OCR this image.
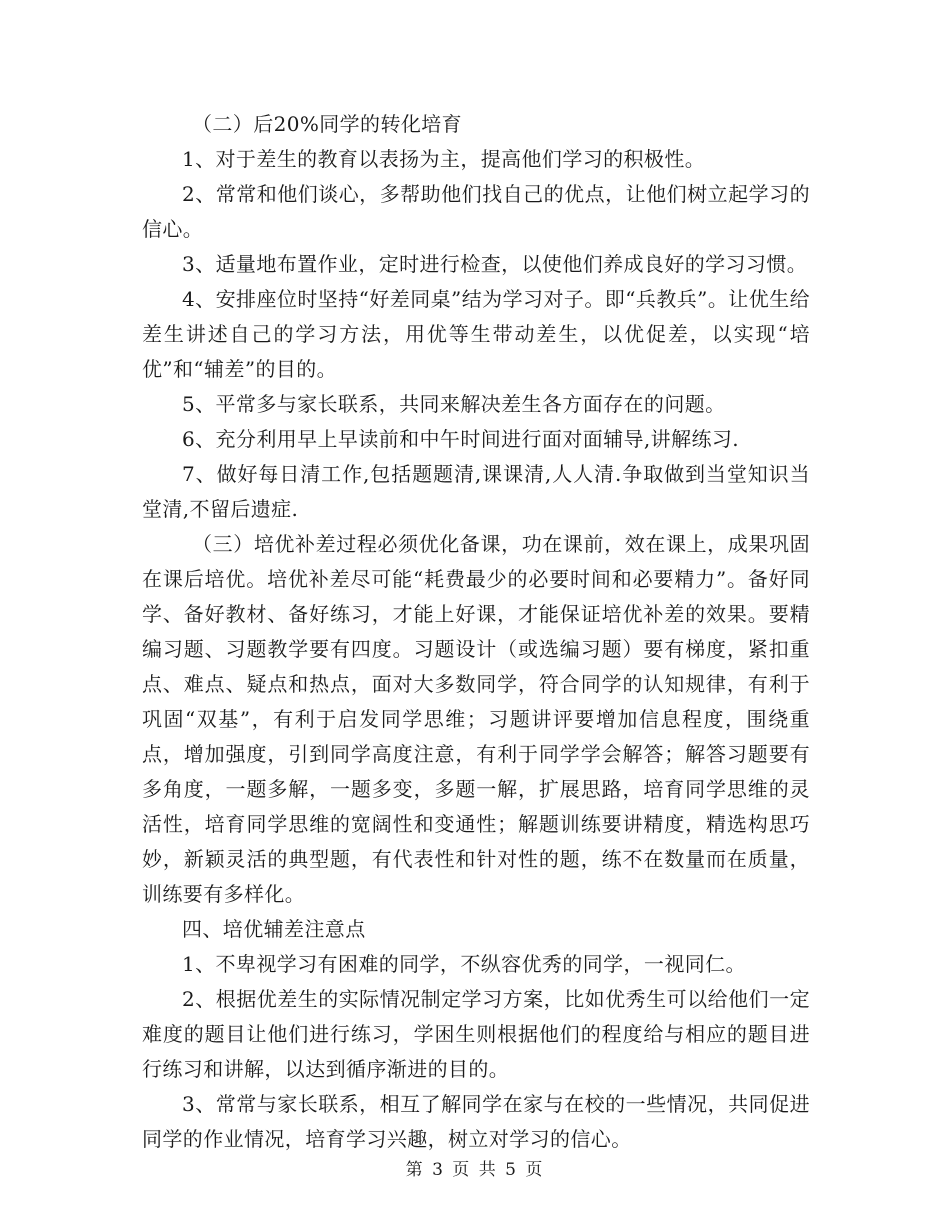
（二）后20%同学的转化培育

1、对于差生的教育以表扬为主，提高他们学习的积极性。

2、常常和他们谈心，多帮助他们找自己的优点，让他们树立起学习的信心。

3、适量地布置作业，定时进行检查，以使他们养成良好的学习习惯。

4、安排座位时坚持“好差同桌”结为学习对子。即“兵教兵”。让优生给差生讲述自己的学习方法，用优等生带动差生，以优促差，以实现“培优”和“辅差”的目的。

5、平常多与家长联系，共同来解决差生各方面存在的问题。

6、充分利用早上早读前和中午时间进行面对面辅导,讲解练习.

7、做好每日清工作,包括题题清,课课清,人人清.争取做到当堂知识当堂清,不留后遗症.

（三）培优补差过程必须优化备课，功在课前，效在课上，成果巩固在课后培优。培优补差尽可能“耗费最少的必要时间和必要精力”。备好同学、备好教材、备好练习，才能上好课，才能保证培优补差的效果。要精编习题、习题教学要有四度。习题设计（或选编习题）要有梯度，紧扣重点、难点、疑点和热点，面对大多数同学，符合同学的认知规律，有利于巩固“双基”，有利于启发同学思维；习题讲评要增加信息程度，围绕重点，增加强度，引到同学高度注意，有利于同学学会解答；解答习题要有多角度，一题多解，一题多变，多题一解，扩展思路，培育同学思维的灵活性，培育同学思维的宽阔性和变通性；解题训练要讲精度，精选构思巧妙，新颖灵活的典型题，有代表性和针对性的题，练不在数量而在质量，训练要有多样化。

四、培优辅差注意点

1、不卑视学习有困难的同学，不纵容优秀的同学，一视同仁。

2、根据优差生的实际情况制定学习方案，比如优秀生可以给他们一定难度的题目让他们进行练习，学困生则根据他们的程度给与相应的题目进行练习和讲解，以达到循序渐进的目的。

3、常常与家长联系，相互了解同学在家与在校的一些情况，共同促进同学的作业情况，培育学习兴趣，树立对学习的信心。

第 3 页 共 5 页
